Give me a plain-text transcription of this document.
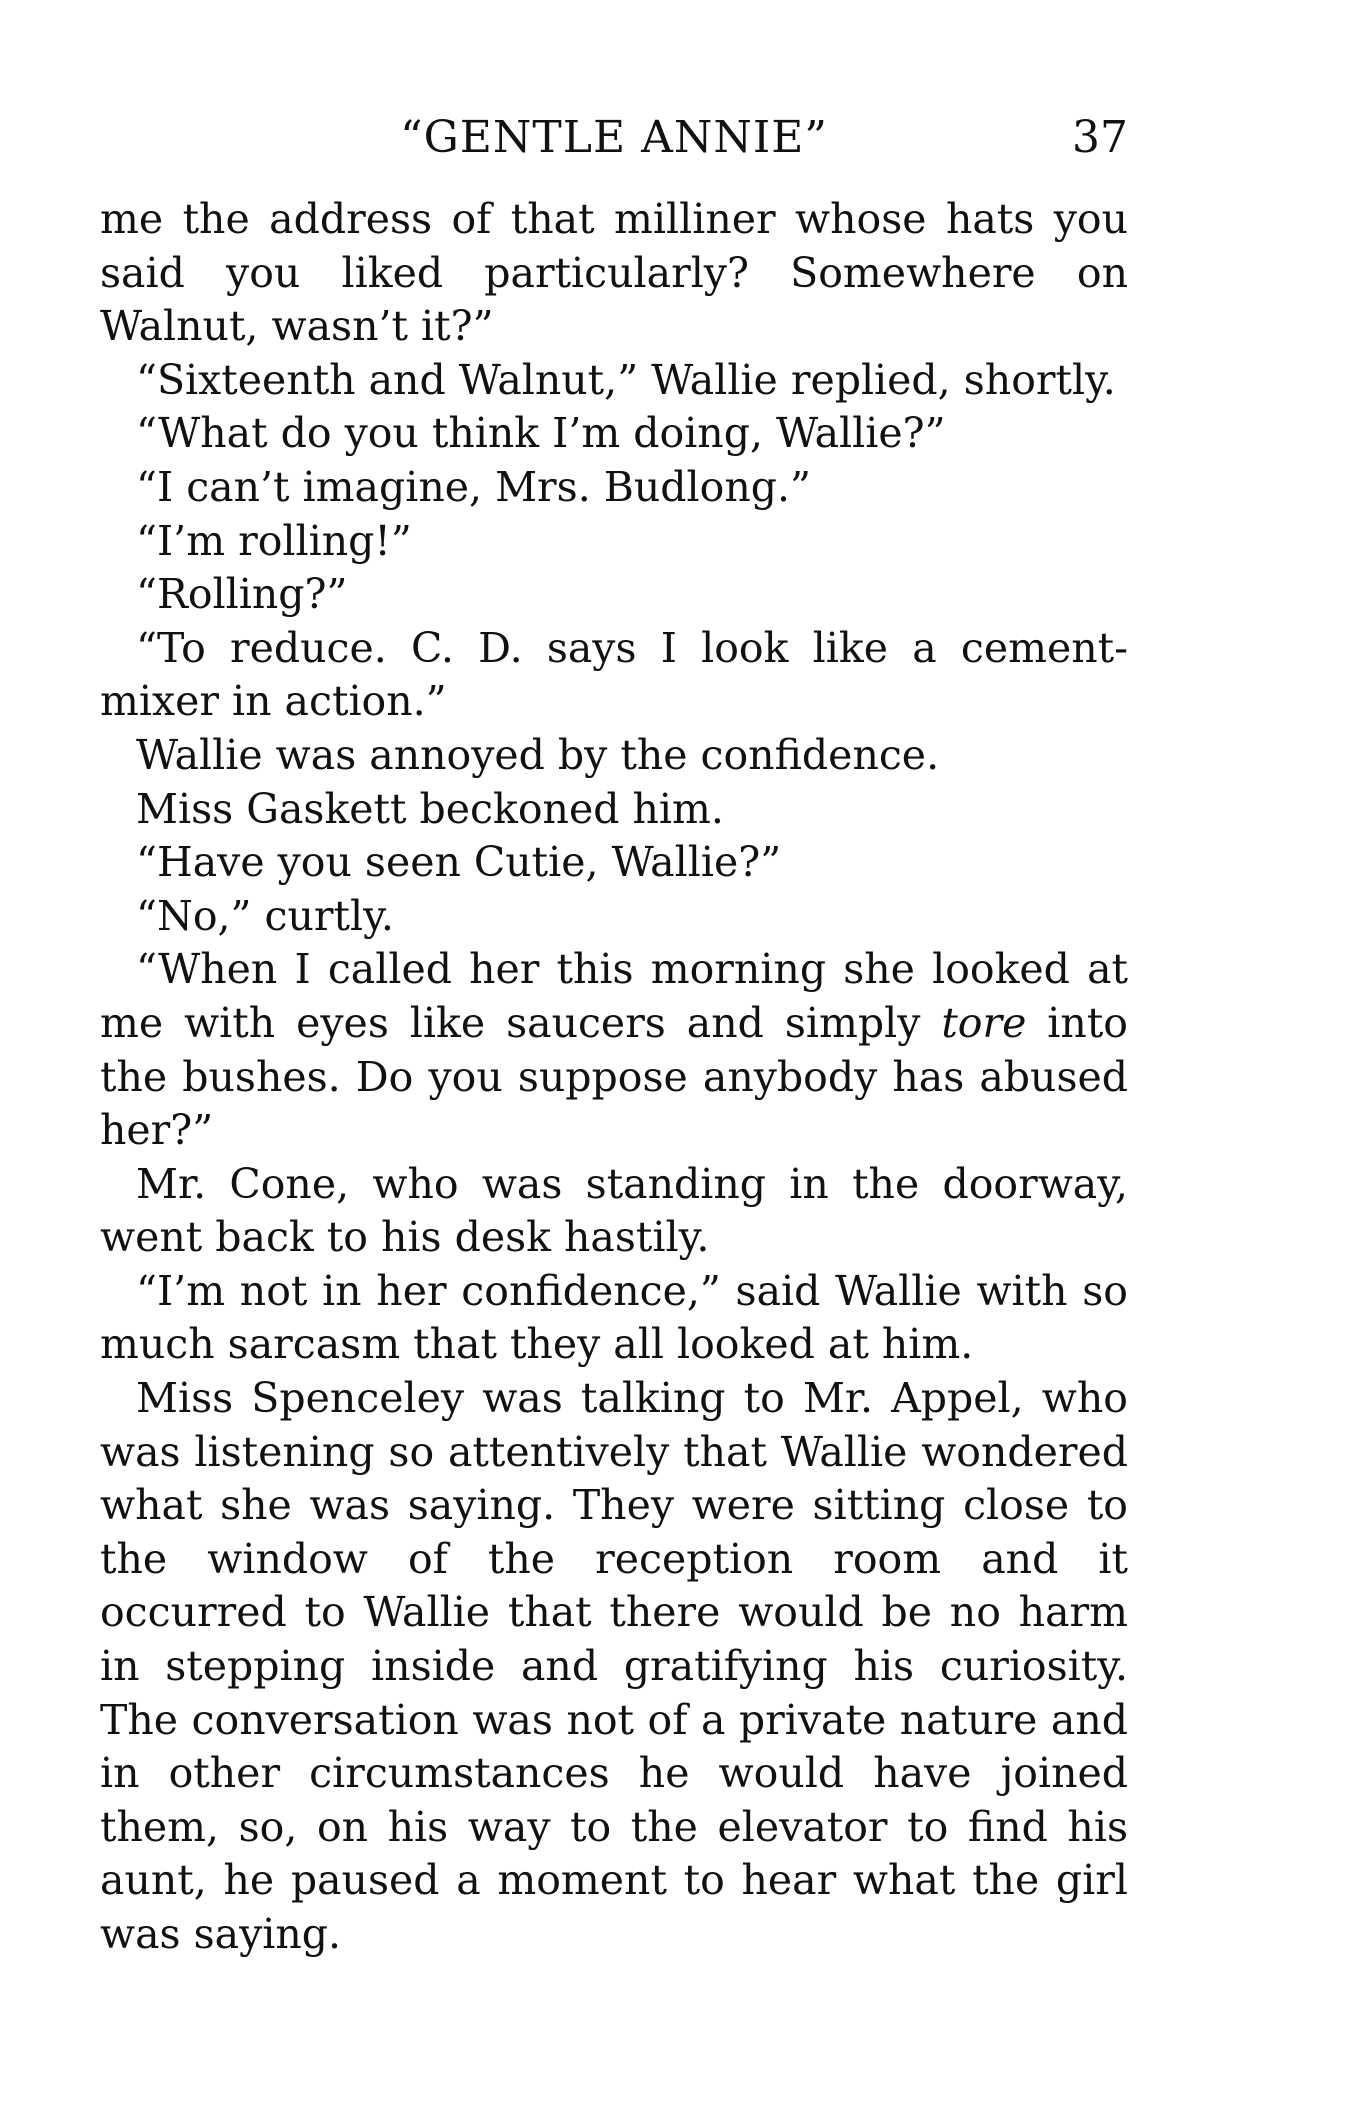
“GENTLE ANNIE”	37

me the address of that milliner whose hats you said you liked particularly? Somewhere on Walnut, wasn’t it?”

“Sixteenth and Walnut,” Wallie replied, shortly.

“What do you think I’m doing, Wallie?”

“I can’t imagine, Mrs. Budlong.”

“I’m rolling!”

“Rolling?”

“To reduce. C. D. says I look like a cement-mixer in action.”

Wallie was annoyed by the confidence.

Miss Gaskett beckoned him.

“Have you seen Cutie, Wallie?”

“No,” curtly.

“When I called her this morning she looked at me with eyes like saucers and simply tore into the bushes. Do you suppose anybody has abused her?”

Mr. Cone, who was standing in the doorway, went back to his desk hastily.

“I’m not in her confidence,” said Wallie with so much sarcasm that they all looked at him.

Miss Spenceley was talking to Mr. Appel, who was listening so attentively that Wallie wondered what she was saying. They were sitting close to the window of the reception room and it occurred to Wallie that there would be no harm in stepping inside and gratifying his curiosity. The conversation was not of a private nature and in other circumstances he would have joined them, so, on his way to the elevator to find his aunt, he paused a moment to hear what the girl was saying.
